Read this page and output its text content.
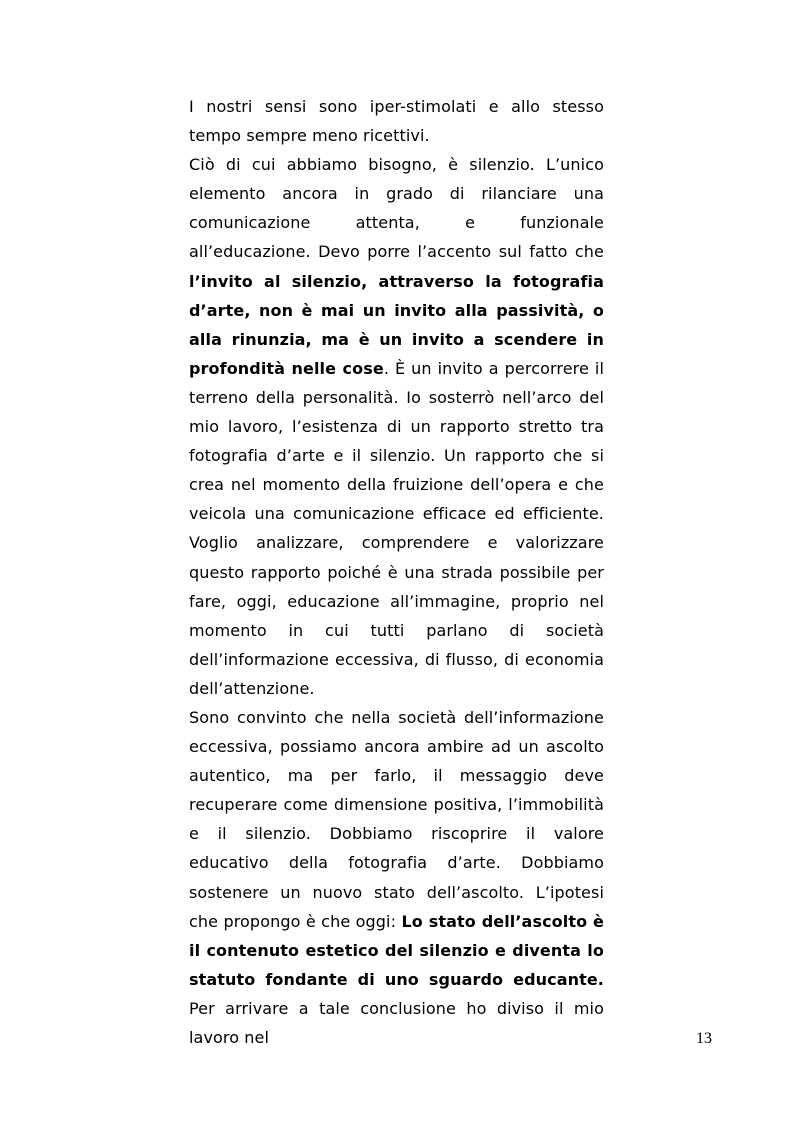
I nostri sensi sono iper-stimolati e allo stesso tempo sempre meno ricettivi.

Ciò di cui abbiamo bisogno, è silenzio. L’unico elemento ancora in grado di rilanciare una comunicazione attenta, e funzionale all’educazione. Devo porre l’accento sul fatto che l’invito al silenzio, attraverso la fotografia d’arte, non è mai un invito alla passività, o alla rinunzia, ma è un invito a scendere in profondità nelle cose. È un invito a percorrere il terreno della personalità. Io sosterrò nell’arco del mio lavoro, l’esistenza di un rapporto stretto tra fotografia d’arte e il silenzio. Un rapporto che si crea nel momento della fruizione dell’opera e che veicola una comunicazione efficace ed efficiente. Voglio analizzare, comprendere e valorizzare questo rapporto poiché è una strada possibile per fare, oggi, educazione all’immagine, proprio nel momento in cui tutti parlano di società dell’informazione eccessiva, di flusso, di economia dell’attenzione.

Sono convinto che nella società dell’informazione eccessiva, possiamo ancora ambire ad un ascolto autentico, ma per farlo, il messaggio deve recuperare come dimensione positiva, l’immobilità e il silenzio. Dobbiamo riscoprire il valore educativo della fotografia d’arte. Dobbiamo sostenere un nuovo stato dell’ascolto. L’ipotesi che propongo è che oggi: Lo stato dell’ascolto è il contenuto estetico del silenzio e diventa lo statuto fondante di uno sguardo educante. Per arrivare a tale conclusione ho diviso il mio lavoro nel	13
